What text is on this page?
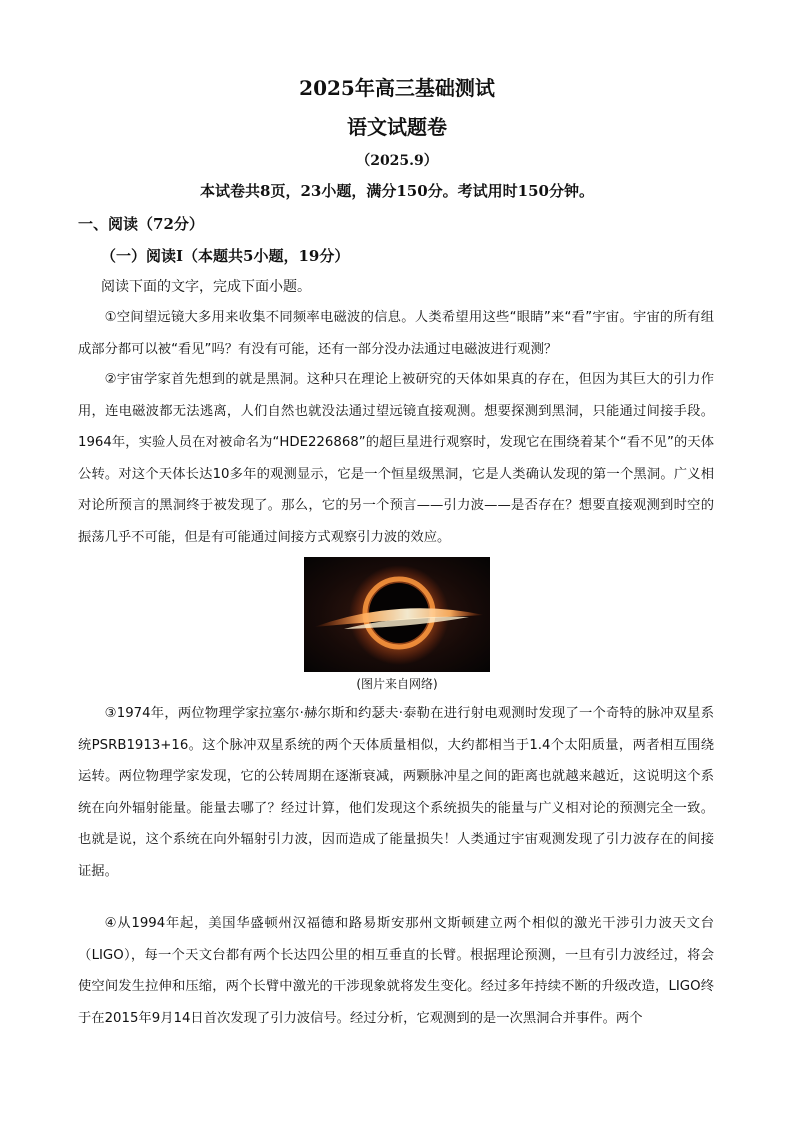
2025年高三基础测试
语文试题卷
（2025.9）
本试卷共8页，23小题，满分150分。考试用时150分钟。
一、阅读（72分）
（一）阅读Ⅰ（本题共5小题，19分）
阅读下面的文字，完成下面小题。

①空间望远镜大多用来收集不同频率电磁波的信息。人类希望用这些“眼睛”来“看”宇宙。宇宙的所有组成部分都可以被“看见”吗？有没有可能，还有一部分没办法通过电磁波进行观测？

②宇宙学家首先想到的就是黑洞。这种只在理论上被研究的天体如果真的存在，但因为其巨大的引力作用，连电磁波都无法逃离，人们自然也就没法通过望远镜直接观测。想要探测到黑洞，只能通过间接手段。1964年，实验人员在对被命名为“HDE226868”的超巨星进行观察时，发现它在围绕着某个“看不见”的天体公转。对这个天体长达10多年的观测显示，它是一个恒星级黑洞，它是人类确认发现的第一个黑洞。广义相对论所预言的黑洞终于被发现了。那么，它的另一个预言——引力波——是否存在？想要直接观测到时空的振荡几乎不可能，但是有可能通过间接方式观察引力波的效应。

(图片来自网络)

③1974年，两位物理学家拉塞尔·赫尔斯和约瑟夫·泰勒在进行射电观测时发现了一个奇特的脉冲双星系统PSRB1913+16。这个脉冲双星系统的两个天体质量相似，大约都相当于1.4个太阳质量，两者相互围绕运转。两位物理学家发现，它的公转周期在逐渐衰减，两颗脉冲星之间的距离也就越来越近，这说明这个系统在向外辐射能量。能量去哪了？经过计算，他们发现这个系统损失的能量与广义相对论的预测完全一致。也就是说，这个系统在向外辐射引力波，因而造成了能量损失！人类通过宇宙观测发现了引力波存在的间接证据。

④从1994年起，美国华盛顿州汉福德和路易斯安那州文斯顿建立两个相似的激光干涉引力波天文台（LIGO），每一个天文台都有两个长达四公里的相互垂直的长臂。根据理论预测，一旦有引力波经过，将会使空间发生拉伸和压缩，两个长臂中激光的干涉现象就将发生变化。经过多年持续不断的升级改造，LIGO终于在2015年9月14日首次发现了引力波信号。经过分析，它观测到的是一次黑洞合并事件。两个
